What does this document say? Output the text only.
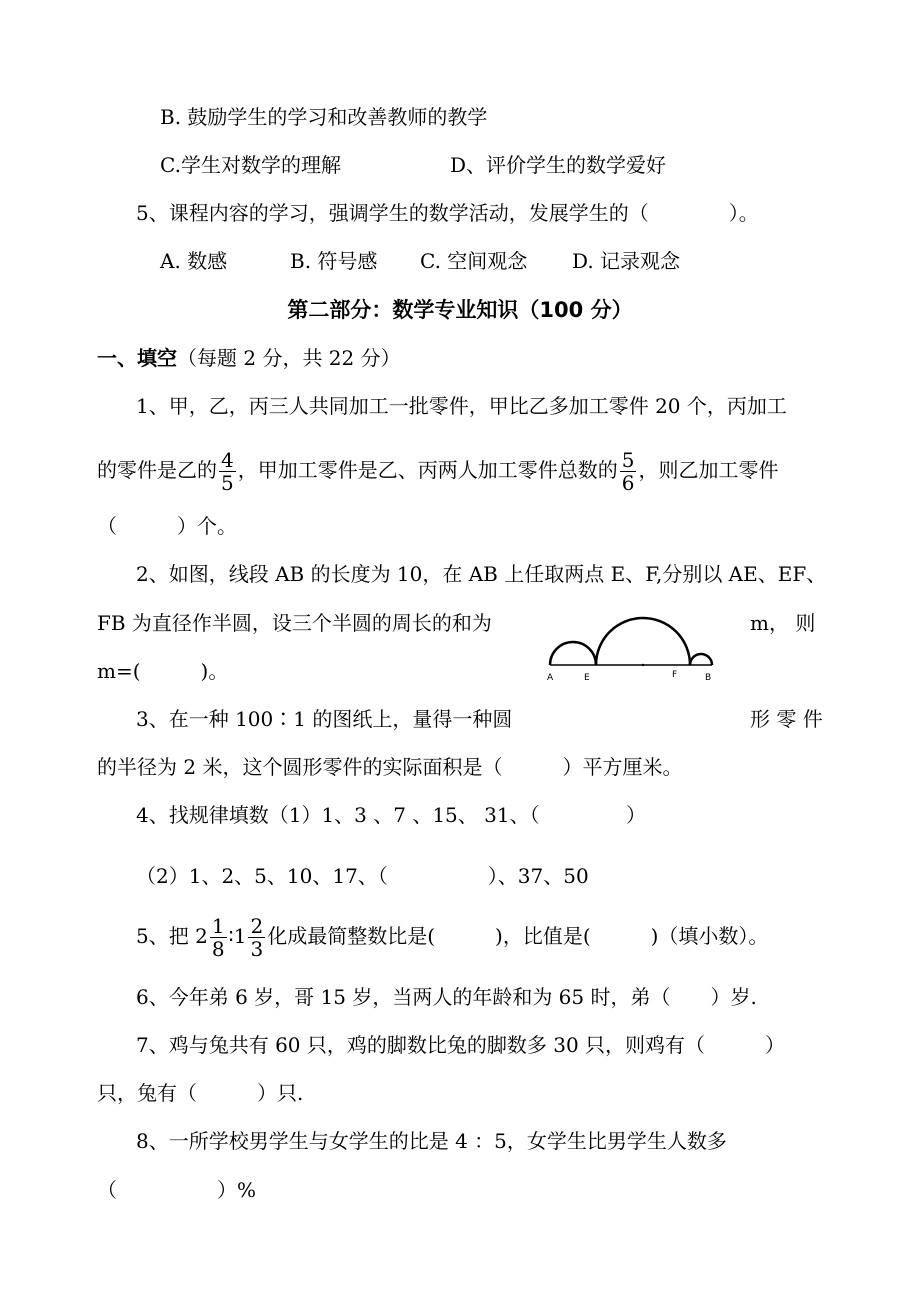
B. 鼓励学生的学习和改善教师的教学
C.学生对数学的理解	D、评价学生的数学爱好
5、课程内容的学习，强调学生的数学活动，发展学生的（　　　　）。
A. 数感	B. 符号感 C. 空间观念 D. 记录观念
第二部分：数学专业知识（100 分）
一、填空（每题 2 分，共 22 分）
1、甲，乙，丙三人共同加工一批零件，甲比乙多加工零件 20 个，丙加工
的零件是乙的 $\frac{4}{5}$ ，甲加工零件是乙、丙两人加工零件总数的 $\frac{5}{6}$ ，则乙加工零件
（　　　）个。
2、如图，线段 AB 的长度为 10，在 AB 上任取两点 E、F,分别以 AE、EF、
FB 为直径作半圆，设三个半圆的周长的和为	m， 则
m=(　　　)。	A	E	F	B
3、在一种 100∶1 的图纸上，量得一种圆	形 零 件
的半径为 2 米，这个圆形零件的实际面积是（　　　）平方厘米。
4、找规律填数（1）1、3 、7 、15、 31、（　　　　 ）
（2）1、2、5、10、17、（　　　　　）、37、50
5、把 $2 \frac{1}{8}$ ∶1 $\frac{2}{3}$ 化成最简整数比是(　　　)，比值是(　　　)（填小数）。
6、今年弟 6 岁，哥 15 岁，当两人的年龄和为 65 时，弟（　　）岁.
7、鸡与兔共有 60 只，鸡的脚数比兔的脚数多 30 只，则鸡有（　　　）
只，兔有（　　　）只.
8、一所学校男学生与女学生的比是 4 ：5，女学生比男学生人数多
（　　　　　）%
